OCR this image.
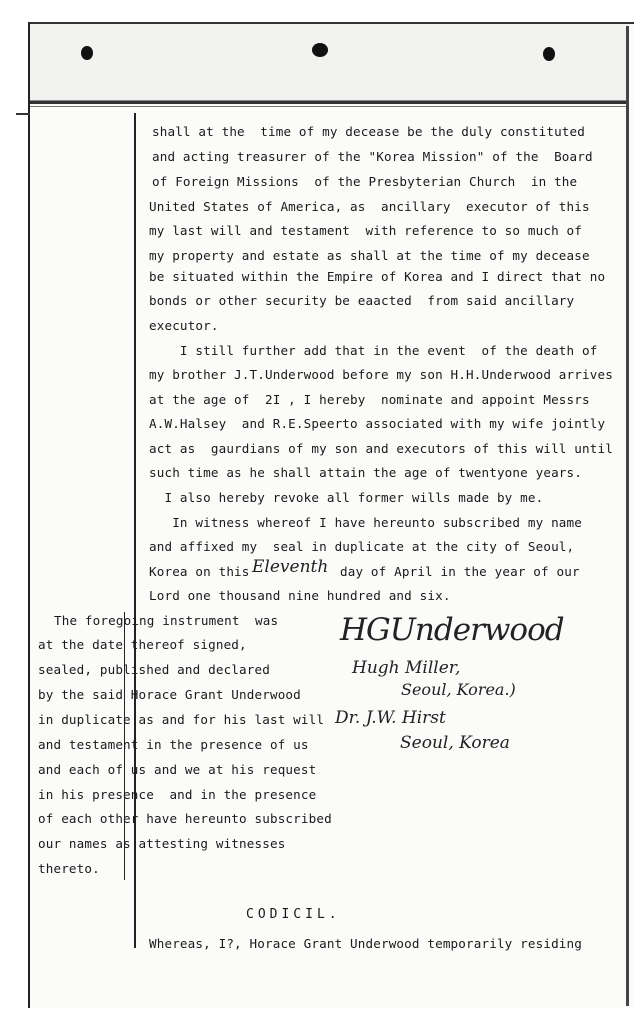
shall at the  time of my decease be the duly constituted
and acting treasurer of the "Korea Mission" of the  Board
of Foreign Missions  of the Presbyterian Church  in the
United States of America, as  ancillary  executor of this
my last will and testament  with reference to so much of
my property and estate as shall at the time of my decease
be situated within the Empire of Korea and I direct that no
bonds or other security be eaacted  from said ancillary
executor.
I still further add that in the event  of the death of
my brother J.T.Underwood before my son H.H.Underwood arrives
at the age of  2I , I hereby  nominate and appoint Messrs
A.W.Halsey  and R.E.Speerto associated with my wife jointly
act as  gaurdians of my son and executors of this will until
such time as he shall attain the age of twentyone years.
I also hereby revoke all former wills made by me.
In witness whereof I have hereunto subscribed my name
and affixed my  seal in duplicate at the city of Seoul,
Korea on this Eleventh day of April in the year of our
Lord one thousand nine hundred and six.
The foregoing instrument  was
at the date thereof signed,
sealed, published and declared
by the said Horace Grant Underwood
in duplicate as and for his last will
and testament in the presence of us
and each of us and we at his request
in his presence  and in the presence
of each other have hereunto subscribed
our names as attesting witnesses
thereto.
HGUnderwood
Hugh Miller,
Seoul, Korea.)
Dr. J.W. Hirst
Seoul, Korea
CODICIL.
Whereas, I?, Horace Grant Underwood temporarily residing
